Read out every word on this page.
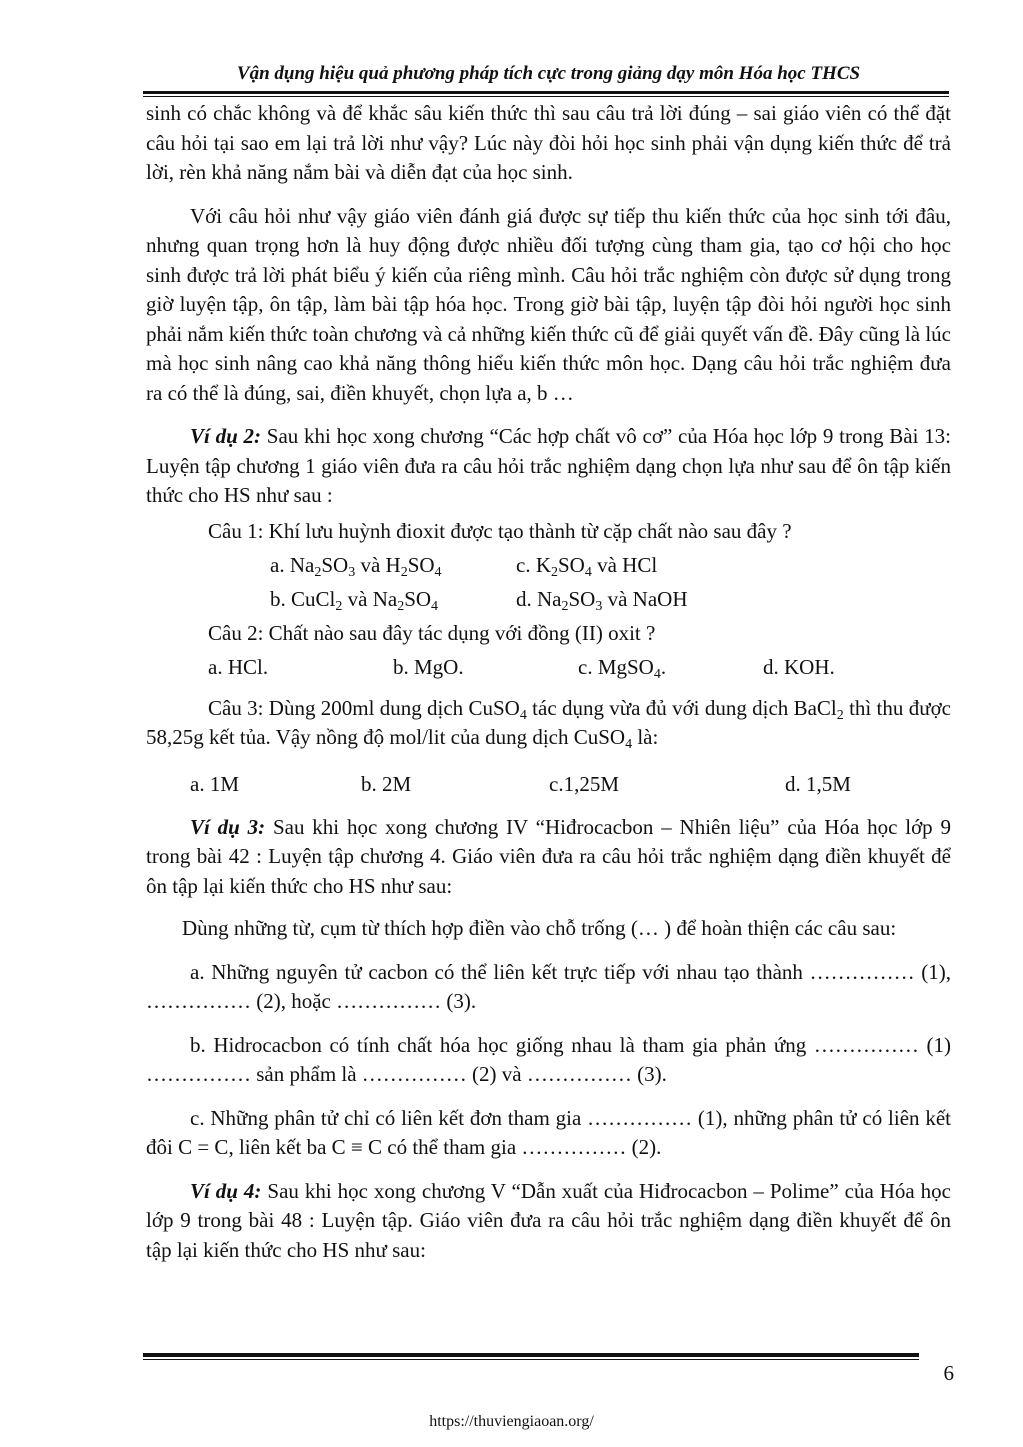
Vận dụng hiệu quả phương pháp tích cực trong giảng dạy môn Hóa học THCS

sinh có chắc không và để khắc sâu kiến thức thì sau câu trả lời đúng – sai giáo viên có thể đặt câu hỏi tại sao em lại trả lời như vậy? Lúc này đòi hỏi học sinh phải vận dụng kiến thức để trả lời, rèn khả năng nắm bài và diễn đạt của học sinh.

Với câu hỏi như vậy giáo viên đánh giá được sự tiếp thu kiến thức của học sinh tới đâu, nhưng quan trọng hơn là huy động được nhiều đối tượng cùng tham gia, tạo cơ hội cho học sinh được trả lời phát biểu ý kiến của riêng mình. Câu hỏi trắc nghiệm còn được sử dụng trong giờ luyện tập, ôn tập, làm bài tập hóa học. Trong giờ bài tập, luyện tập đòi hỏi người học sinh phải nắm kiến thức toàn chương và cả những kiến thức cũ để giải quyết vấn đề. Đây cũng là lúc mà học sinh nâng cao khả năng thông hiểu kiến thức môn học. Dạng câu hỏi trắc nghiệm đưa ra có thể là đúng, sai, điền khuyết, chọn lựa a, b …

Ví dụ 2: Sau khi học xong chương “Các hợp chất vô cơ” của Hóa học lớp 9 trong Bài 13: Luyện tập chương 1 giáo viên đưa ra câu hỏi trắc nghiệm dạng chọn lựa như sau để ôn tập kiến thức cho HS như sau :

Câu 1: Khí lưu huỳnh đioxit được tạo thành từ cặp chất nào sau đây ?

a. $Na_2SO_3$ và $H_2SO_4$	c. $K_2SO_4$ và HCl
b. CuCl$_2$ và $Na_2SO_4$	d. $Na_2SO_3$ và NaOH

Câu 2: Chất nào sau đây tác dụng với đồng (II) oxit ?

a. HCl.	b. MgO.	c. MgSO$_4$.	d. KOH.

Câu 3: Dùng 200ml dung dịch CuSO$_4$ tác dụng vừa đủ với dung dịch BaCl$_2$ thì thu được 58,25g kết tủa. Vậy nồng độ mol/lit của dung dịch CuSO$_4$ là:

a. 1M	b. 2M	c.1,25M	d. 1,5M

Ví dụ 3: Sau khi học xong chương IV “Hiđrocacbon – Nhiên liệu” của Hóa học lớp 9 trong bài 42 : Luyện tập chương 4. Giáo viên đưa ra câu hỏi trắc nghiệm dạng điền khuyết để ôn tập lại kiến thức cho HS như sau:

Dùng những từ, cụm từ thích hợp điền vào chỗ trống (… ) để hoàn thiện các câu sau:

a. Những nguyên tử cacbon có thể liên kết trực tiếp với nhau tạo thành …………… (1), …………… (2), hoặc …………… (3).

b. Hidrocacbon có tính chất hóa học giống nhau là tham gia phản ứng …………… (1) …………… sản phẩm là …………… (2) và …………… (3).

c. Những phân tử chỉ có liên kết đơn tham gia …………… (1), những phân tử có liên kết đôi C = C, liên kết ba C ≡ C có thể tham gia …………… (2).

Ví dụ 4: Sau khi học xong chương V “Dẫn xuất của Hiđrocacbon – Polime” của Hóa học lớp 9 trong bài 48 : Luyện tập. Giáo viên đưa ra câu hỏi trắc nghiệm dạng điền khuyết để ôn tập lại kiến thức cho HS như sau:

6
https://thuviengiaoan.org/
